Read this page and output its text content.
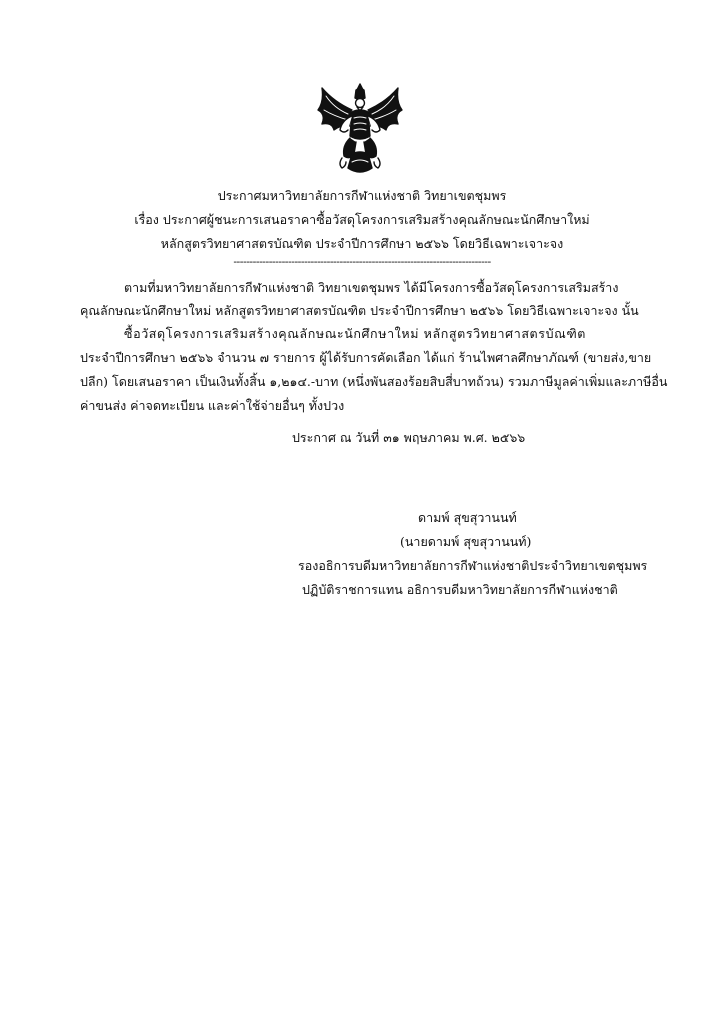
ประกาศมหาวิทยาลัยการกีฬาแห่งชาติ วิทยาเขตชุมพร
เรื่อง ประกาศผู้ชนะการเสนอราคาซื้อวัสดุโครงการเสริมสร้างคุณลักษณะนักศึกษาใหม่
หลักสูตรวิทยาศาสตรบัณฑิต ประจำปีการศึกษา ๒๕๖๖ โดยวิธีเฉพาะเจาะจง
--------------------------------------------------------------------------------
ตามที่มหาวิทยาลัยการกีฬาแห่งชาติ วิทยาเขตชุมพร ได้มีโครงการซื้อวัสดุโครงการเสริมสร้าง
คุณลักษณะนักศึกษาใหม่ หลักสูตรวิทยาศาสตรบัณฑิต ประจำปีการศึกษา ๒๕๖๖ โดยวิธีเฉพาะเจาะจง นั้น
ซื้อวัสดุโครงการเสริมสร้างคุณลักษณะนักศึกษาใหม่ หลักสูตรวิทยาศาสตรบัณฑิต
ประจำปีการศึกษา ๒๕๖๖ จำนวน ๗ รายการ ผู้ได้รับการคัดเลือก ได้แก่ ร้านไพศาลศึกษาภัณฑ์ (ขายส่ง,ขาย
ปลีก) โดยเสนอราคา เป็นเงินทั้งสิ้น ๑,๒๑๔.-บาท (หนึ่งพันสองร้อยสิบสี่บาทถ้วน) รวมภาษีมูลค่าเพิ่มและภาษีอื่น
ค่าขนส่ง ค่าจดทะเบียน และค่าใช้จ่ายอื่นๆ ทั้งปวง
ประกาศ ณ วันที่ ๓๑ พฤษภาคม พ.ศ. ๒๕๖๖
ดามพ์ สุขสุวานนท์
(นายดามพ์ สุขสุวานนท์)
รองอธิการบดีมหาวิทยาลัยการกีฬาแห่งชาติประจำวิทยาเขตชุมพร
ปฏิบัติราชการแทน อธิการบดีมหาวิทยาลัยการกีฬาแห่งชาติ
